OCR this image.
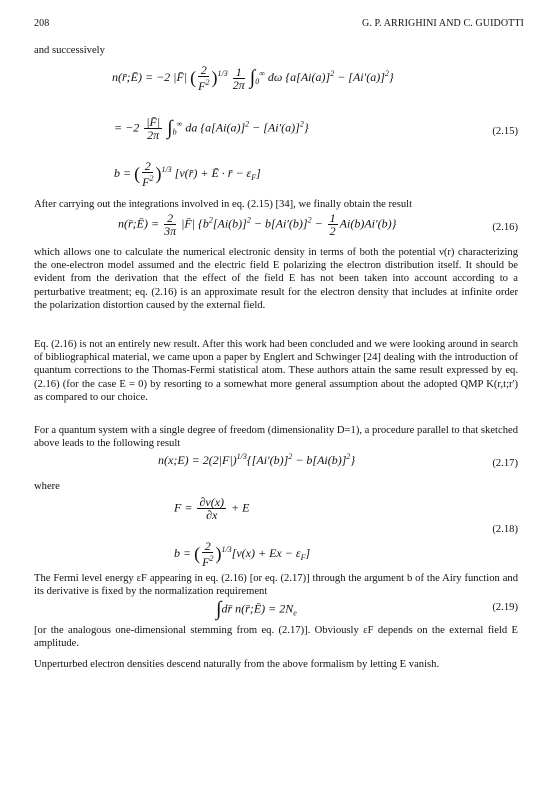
208	G. P. ARRIGHINI AND C. GUIDOTTI
and successively
n(r̄;Ē) = −2 |F̄| ( $\frac{2}{F^2} )^{1/3} \frac{1}{2\pi} \int_0^\infty$ dω $\{a[Ai(a)]^2 - [Ai'(a)]^2\}$
= $-2 \frac{|F̄|}{2\pi} \int_b^\infty$ da $\{a[Ai(a)]^2 - [Ai'(a)]^2\}$	(2.15)
b = ( $\frac{2}{F^2} )^{1/3}$ [v(r̄) + Ē · r̄ − $\varepsilon_F$]
After carrying out the integrations involved in eq. (2.15) [34], we finally obtain the result
n(r̄;Ē) = $\frac{2}{3\pi}$ |F̄| $\{b^2[Ai(b)]^2 - b[Ai'(b)]^2 - \frac{1}{2} Ai(b)Ai'(b)\}$	(2.16)
which allows one to calculate the numerical electronic density in terms of both the potential ν(r) characterizing the one-electron model assumed and the electric field E polarizing the electron distribution itself. It should be evident from the derivation that the effect of the field E has not been taken into account according to a perturbative treatment; eq. (2.16) is an approximate result for the electron density that includes at infinite order the polarization distortion caused by the external field.
Eq. (2.16) is not an entirely new result. After this work had been concluded and we were looking around in search of bibliographical material, we came upon a paper by Englert and Schwinger [24] dealing with the introduction of quantum corrections to the Thomas-Fermi statistical atom. These authors attain the same result expressed by eq. (2.16) (for the case E = 0) by resorting to a somewhat more general assumption about the adopted QMP K(r,t;r') as compared to our choice.
For a quantum system with a single degree of freedom (dimensionality D=1), a procedure parallel to that sketched above leads to the following result
n(x;E) = $2(2|F|)^{1/3}\{[Ai'(b)]^2 - b[Ai(b)]^2\}$	(2.17)
where
$F = \frac{\partial v(x)}{\partial x} + E$
(2.18)
b = ( $\frac{2}{F^2} )^{1/3}[v(x) + Ex - \varepsilon_F]$
The Fermi level energy εF appearing in eq. (2.16) [or eq. (2.17)] through the argument b of the Airy function and its derivative is fixed by the normalization requirement
∫dr̄ n(r̄;Ē) = $2N_e$
(2.19)
[or the analogous one-dimensional stemming from eq. (2.17)]. Obviously εF depends on the external field E amplitude.
Unperturbed electron densities descend naturally from the above formalism by letting E vanish.
